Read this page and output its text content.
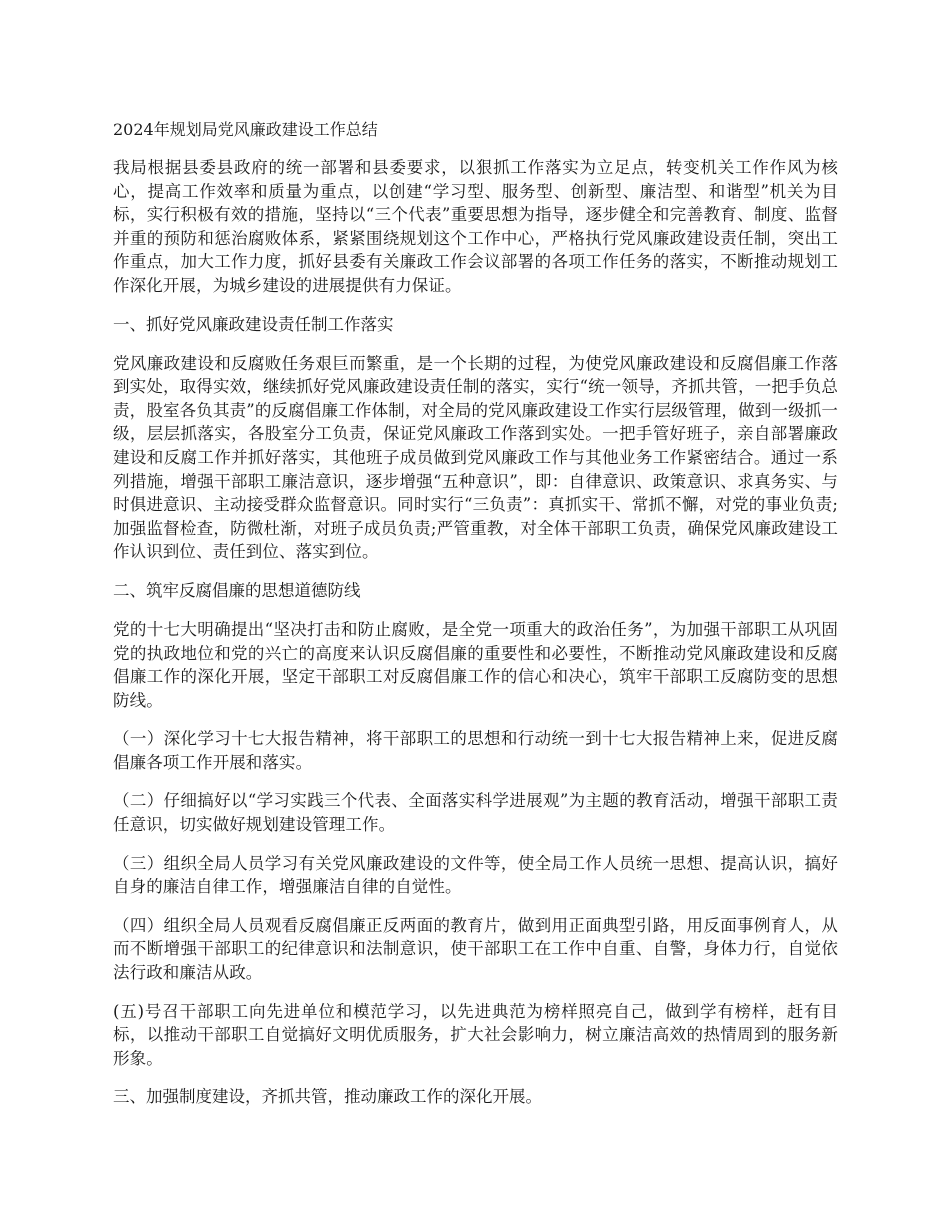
2024年规划局党风廉政建设工作总结
我局根据县委县政府的统一部署和县委要求，以狠抓工作落实为立足点，转变机关工作作风为核心，提高工作效率和质量为重点，以创建“学习型、服务型、创新型、廉洁型、和谐型”机关为目标，实行积极有效的措施，坚持以“三个代表”重要思想为指导，逐步健全和完善教育、制度、监督并重的预防和惩治腐败体系，紧紧围绕规划这个工作中心，严格执行党风廉政建设责任制，突出工作重点，加大工作力度，抓好县委有关廉政工作会议部署的各项工作任务的落实，不断推动规划工作深化开展，为城乡建设的进展提供有力保证。
一、抓好党风廉政建设责任制工作落实
党风廉政建设和反腐败任务艰巨而繁重，是一个长期的过程，为使党风廉政建设和反腐倡廉工作落到实处，取得实效，继续抓好党风廉政建设责任制的落实，实行“统一领导，齐抓共管，一把手负总责，股室各负其责”的反腐倡廉工作体制，对全局的党风廉政建设工作实行层级管理，做到一级抓一级，层层抓落实，各股室分工负责，保证党风廉政工作落到实处。一把手管好班子，亲自部署廉政建设和反腐工作并抓好落实，其他班子成员做到党风廉政工作与其他业务工作紧密结合。通过一系列措施，增强干部职工廉洁意识，逐步增强“五种意识”，即：自律意识、政策意识、求真务实、与时俱进意识、主动接受群众监督意识。同时实行“三负责”：真抓实干、常抓不懈，对党的事业负责;加强监督检查，防微杜渐，对班子成员负责;严管重教，对全体干部职工负责，确保党风廉政建设工作认识到位、责任到位、落实到位。
二、筑牢反腐倡廉的思想道德防线
党的十七大明确提出“坚决打击和防止腐败，是全党一项重大的政治任务”，为加强干部职工从巩固党的执政地位和党的兴亡的高度来认识反腐倡廉的重要性和必要性，不断推动党风廉政建设和反腐倡廉工作的深化开展，坚定干部职工对反腐倡廉工作的信心和决心，筑牢干部职工反腐防变的思想防线。
（一）深化学习十七大报告精神，将干部职工的思想和行动统一到十七大报告精神上来，促进反腐倡廉各项工作开展和落实。
（二）仔细搞好以“学习实践三个代表、全面落实科学进展观”为主题的教育活动，增强干部职工责任意识，切实做好规划建设管理工作。
（三）组织全局人员学习有关党风廉政建设的文件等，使全局工作人员统一思想、提高认识，搞好自身的廉洁自律工作，增强廉洁自律的自觉性。
（四）组织全局人员观看反腐倡廉正反两面的教育片，做到用正面典型引路，用反面事例育人，从而不断增强干部职工的纪律意识和法制意识，使干部职工在工作中自重、自警，身体力行，自觉依法行政和廉洁从政。
(五)号召干部职工向先进单位和模范学习，以先进典范为榜样照亮自己，做到学有榜样，赶有目标，以推动干部职工自觉搞好文明优质服务，扩大社会影响力，树立廉洁高效的热情周到的服务新形象。
三、加强制度建设，齐抓共管，推动廉政工作的深化开展。
